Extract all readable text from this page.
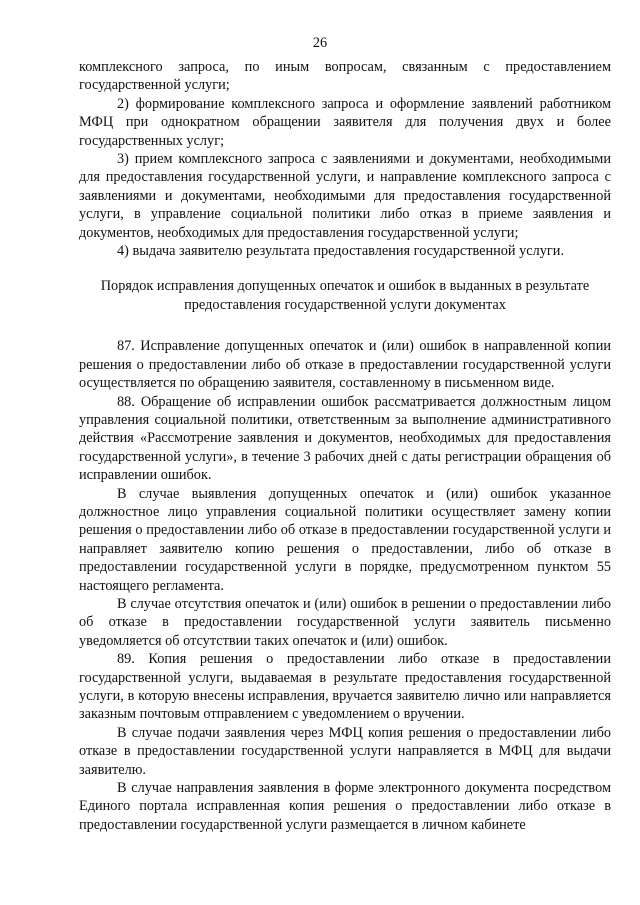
26

комплексного запроса, по иным вопросам, связанным с предоставлением государственной услуги;

2) формирование комплексного запроса и оформление заявлений работником МФЦ при однократном обращении заявителя для получения двух и более государственных услуг;

3) прием комплексного запроса с заявлениями и документами, необходимыми для предоставления государственной услуги, и направление комплексного запроса с заявлениями и документами, необходимыми для предоставления государственной услуги, в управление социальной политики либо отказ в приеме заявления и документов, необходимых для предоставления государственной услуги;

4) выдача заявителю результата предоставления государственной услуги.

Порядок исправления допущенных опечаток и ошибок в выданных в результате предоставления государственной услуги документах

87. Исправление допущенных опечаток и (или) ошибок в направленной копии решения о предоставлении либо об отказе в предоставлении государственной услуги осуществляется по обращению заявителя, составленному в письменном виде.

88. Обращение об исправлении ошибок рассматривается должностным лицом управления социальной политики, ответственным за выполнение административного действия «Рассмотрение заявления и документов, необходимых для предоставления государственной услуги», в течение 3 рабочих дней с даты регистрации обращения об исправлении ошибок.

В случае выявления допущенных опечаток и (или) ошибок указанное должностное лицо управления социальной политики осуществляет замену копии решения о предоставлении либо об отказе в предоставлении государственной услуги и направляет заявителю копию решения о предоставлении, либо об отказе в предоставлении государственной услуги в порядке, предусмотренном пунктом 55 настоящего регламента.

В случае отсутствия опечаток и (или) ошибок в решении о предоставлении либо об отказе в предоставлении государственной услуги заявитель письменно уведомляется об отсутствии таких опечаток и (или) ошибок.

89. Копия решения о предоставлении либо отказе в предоставлении государственной услуги, выдаваемая в результате предоставления государственной услуги, в которую внесены исправления, вручается заявителю лично или направляется заказным почтовым отправлением с уведомлением о вручении.

В случае подачи заявления через МФЦ копия решения о предоставлении либо отказе в предоставлении государственной услуги направляется в МФЦ для выдачи заявителю.

В случае направления заявления в форме электронного документа посредством Единого портала исправленная копия решения о предоставлении либо отказе в предоставлении государственной услуги размещается в личном кабинете
